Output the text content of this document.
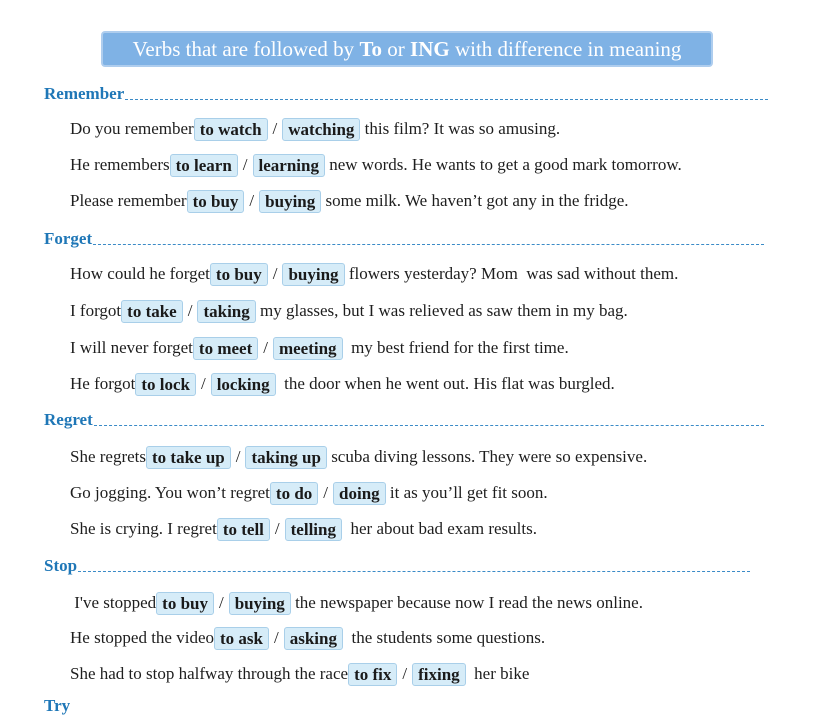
Verbs that are followed by To or ING with difference in meaning
Remember
Do you remember to watch / watching this film? It was so amusing.
He remembers to learn / learning new words. He wants to get a good mark tomorrow.
Please remember to buy / buying some milk. We haven’t got any in the fridge.
Forget
How could he forget to buy / buying flowers yesterday? Mom  was sad without them.
I forgot to take / taking my glasses, but I was relieved as saw them in my bag.
I will never forget to meet / meeting my best friend for the first time.
He forgot to lock / locking the door when he went out. His flat was burgled.
Regret
She regrets to take up / taking up scuba diving lessons. They were so expensive.
Go jogging. You won’t regret to do / doing it as you’ll get fit soon.
She is crying. I regret to tell / telling her about bad exam results.
Stop
I've stopped to buy / buying the newspaper because now I read the news online.
He stopped the video to ask / asking the students some questions.
She had to stop halfway through the race to fix / fixing her bike
Try
